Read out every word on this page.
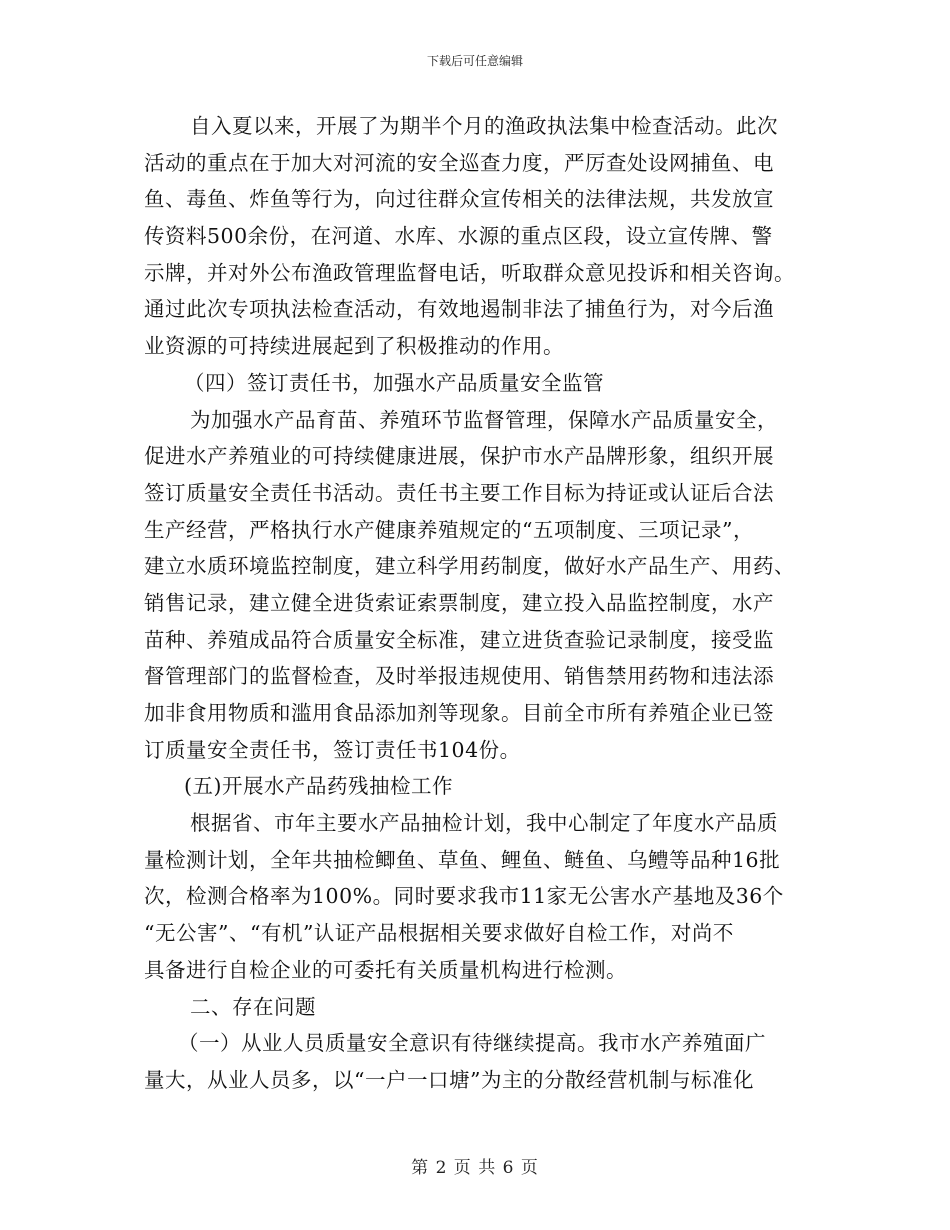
下载后可任意编辑
自入夏以来，开展了为期半个月的渔政执法集中检查活动。此次
活动的重点在于加大对河流的安全巡查力度，严厉查处设网捕鱼、电
鱼、毒鱼、炸鱼等行为，向过往群众宣传相关的法律法规，共发放宣
传资料500余份，在河道、水库、水源的重点区段，设立宣传牌、警
示牌，并对外公布渔政管理监督电话，听取群众意见投诉和相关咨询。
通过此次专项执法检查活动，有效地遏制非法了捕鱼行为，对今后渔
业资源的可持续进展起到了积极推动的作用。
（四）签订责任书，加强水产品质量安全监管
为加强水产品育苗、养殖环节监督管理，保障水产品质量安全，
促进水产养殖业的可持续健康进展，保护市水产品牌形象，组织开展
签订质量安全责任书活动。责任书主要工作目标为持证或认证后合法
生产经营，严格执行水产健康养殖规定的“五项制度、三项记录”，
建立水质环境监控制度，建立科学用药制度，做好水产品生产、用药、
销售记录，建立健全进货索证索票制度，建立投入品监控制度，水产
苗种、养殖成品符合质量安全标准，建立进货查验记录制度，接受监
督管理部门的监督检查，及时举报违规使用、销售禁用药物和违法添
加非食用物质和滥用食品添加剂等现象。目前全市所有养殖企业已签
订质量安全责任书，签订责任书104份。
(五)开展水产品药残抽检工作
根据省、市年主要水产品抽检计划，我中心制定了年度水产品质
量检测计划，全年共抽检鲫鱼、草鱼、鲤鱼、鲢鱼、乌鳢等品种16批
次，检测合格率为100%。同时要求我市11家无公害水产基地及36个
“无公害”、“有机”认证产品根据相关要求做好自检工作，对尚不
具备进行自检企业的可委托有关质量机构进行检测。
二、存在问题
（一）从业人员质量安全意识有待继续提高。我市水产养殖面广
量大，从业人员多，以“一户一口塘”为主的分散经营机制与标准化
第 2 页 共 6 页
